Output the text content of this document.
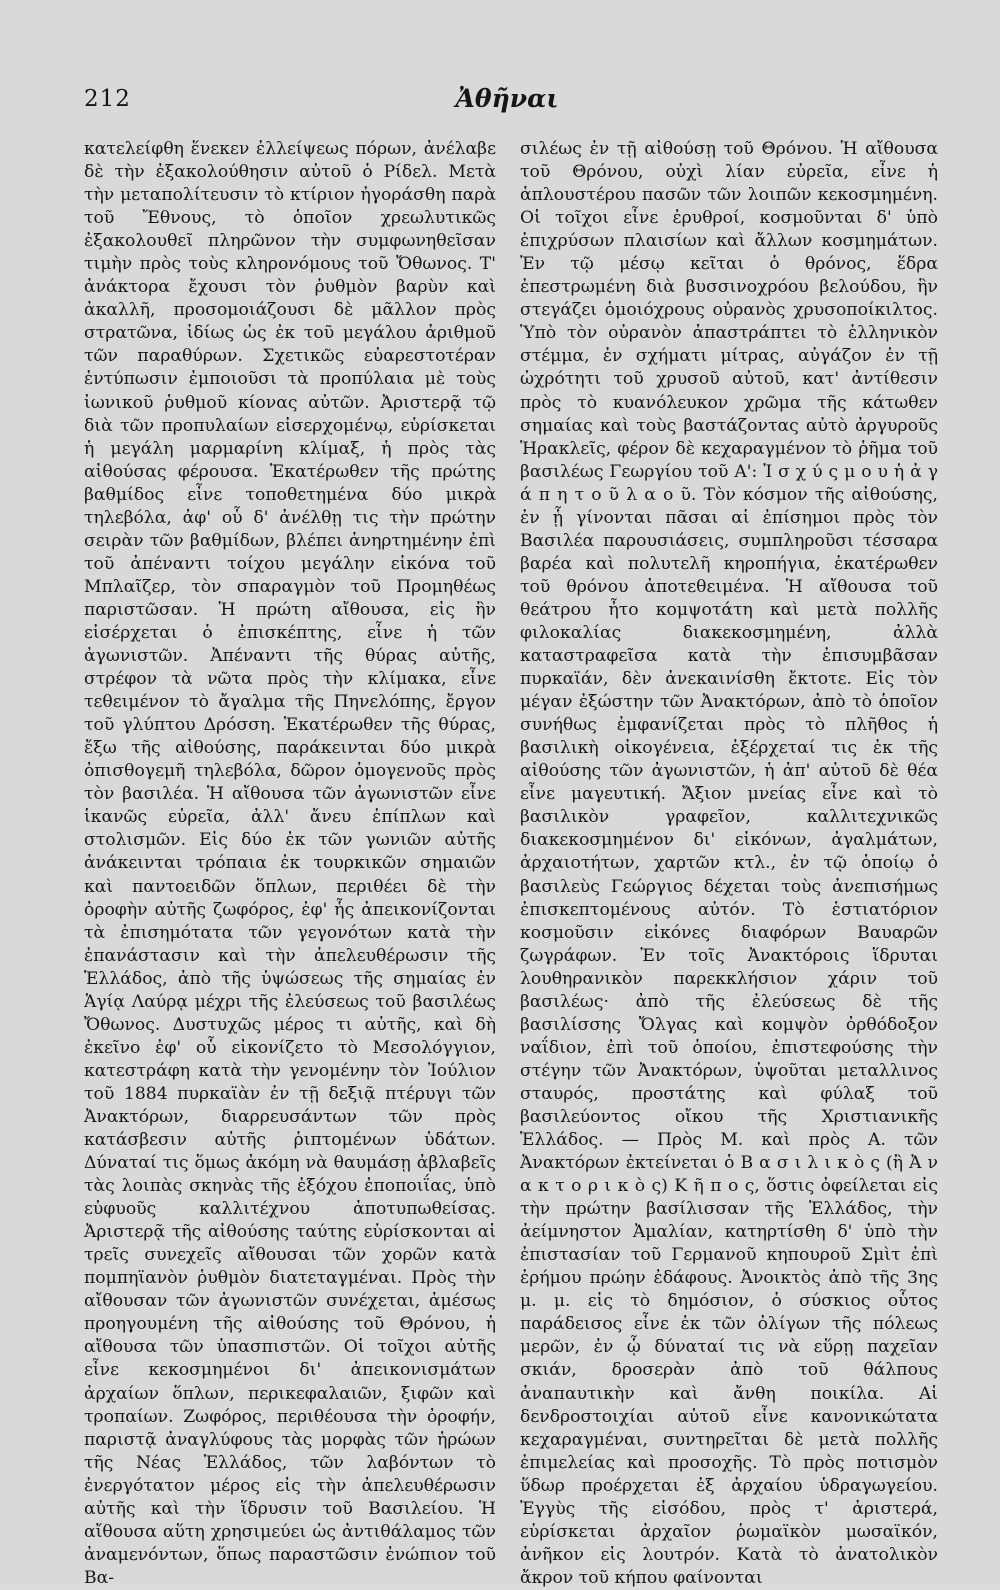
212	Ἀθῆναι

κατελείφθη ἕνεκεν ἐλλείψεως πόρων, ἀνέλαβε δὲ τὴν ἐξακολούθησιν αὐτοῦ ὁ Ρίδελ. Μετὰ τὴν μεταπολίτευσιν τὸ κτίριον ἠγοράσθη παρὰ τοῦ Ἔθνους, τὸ ὁποῖον χρεωλυτικῶς ἐξακολουθεῖ πληρῶνον τὴν συμφωνηθεῖσαν τιμὴν πρὸς τοὺς κληρονόμους τοῦ Ὄθωνος. Τ' ἀνάκτορα ἔχουσι τὸν ῥυθμὸν βαρὺν καὶ ἀκαλλῆ, προσομοιάζουσι δὲ μᾶλλον πρὸς στρατῶνα, ἰδίως ὡς ἐκ τοῦ μεγάλου ἀριθμοῦ τῶν παραθύρων. Σχετικῶς εὐαρεστοτέραν ἐντύπωσιν ἐμποιοῦσι τὰ προπύλαια μὲ τοὺς ἰωνικοῦ ῥυθμοῦ κίονας αὐτῶν. Ἀριστερᾷ τῷ διὰ τῶν προπυλαίων εἰσερχομένῳ, εὑρίσκεται ἡ μεγάλη μαρμαρίνη κλίμαξ, ἡ πρὸς τὰς αἰθούσας φέρουσα. Ἑκατέρωθεν τῆς πρώτης βαθμίδος εἶνε τοποθετημένα δύο μικρὰ τηλεβόλα, ἀφ' οὗ δ' ἀνέλθῃ τις τὴν πρώτην σειρὰν τῶν βαθμίδων, βλέπει ἀνηρτημένην ἐπὶ τοῦ ἀπέναντι τοίχου μεγάλην εἰκόνα τοῦ Μπλαῖζερ, τὸν σπαραγμὸν τοῦ Προμηθέως παριστῶσαν. Ἡ πρώτη αἴθουσα, εἰς ἣν εἰσέρχεται ὁ ἐπισκέπτης, εἶνε ἡ τῶν ἀγωνιστῶν. Ἀπέναντι τῆς θύρας αὐτῆς, στρέφον τὰ νῶτα πρὸς τὴν κλίμακα, εἶνε τεθειμένον τὸ ἄγαλμα τῆς Πηνελόπης, ἔργον τοῦ γλύπτου Δρόσση. Ἑκατέρωθεν τῆς θύρας, ἔξω τῆς αἰθούσης, παράκεινται δύο μικρὰ ὀπισθογεμῆ τηλεβόλα, δῶρον ὁμογενοῦς πρὸς τὸν βασιλέα. Ἡ αἴθουσα τῶν ἀγωνιστῶν εἶνε ἱκανῶς εὐρεῖα, ἀλλ' ἄνευ ἐπίπλων καὶ στολισμῶν. Εἰς δύο ἐκ τῶν γωνιῶν αὐτῆς ἀνάκεινται τρόπαια ἐκ τουρκικῶν σημαιῶν καὶ παντοειδῶν ὅπλων, περιθέει δὲ τὴν ὀροφὴν αὐτῆς ζωφόρος, ἐφ' ἧς ἀπεικονίζονται τὰ ἐπισημότατα τῶν γεγονότων κατὰ τὴν ἐπανάστασιν καὶ τὴν ἀπελευθέρωσιν τῆς Ἑλλάδος, ἀπὸ τῆς ὑψώσεως τῆς σημαίας ἐν Ἁγίᾳ Λαύρᾳ μέχρι τῆς ἐλεύσεως τοῦ βασιλέως Ὄθωνος. Δυστυχῶς μέρος τι αὐτῆς, καὶ δὴ ἐκεῖνο ἐφ' οὗ εἰκονίζετο τὸ Μεσολόγγιον, κατεστράφη κατὰ τὴν γενομένην τὸν Ἰούλιον τοῦ 1884 πυρκαϊὰν ἐν τῇ δεξιᾷ πτέρυγι τῶν Ἀνακτόρων, διαρρευσάντων τῶν πρὸς κατάσβεσιν αὐτῆς ῥιπτομένων ὑδάτων. Δύναταί τις ὅμως ἀκόμη νὰ θαυμάσῃ ἀβλαβεῖς τὰς λοιπὰς σκηνὰς τῆς ἐξόχου ἐποποιΐας, ὑπὸ εὐφυοῦς καλλιτέχνου ἀποτυπωθείσας. Ἀριστερᾷ τῆς αἰθούσης ταύτης εὑρίσκονται αἱ τρεῖς συνεχεῖς αἴθουσαι τῶν χορῶν κατὰ πομπηϊανὸν ῥυθμὸν διατεταγμέναι. Πρὸς τὴν αἴθουσαν τῶν ἀγωνιστῶν συνέχεται, ἀμέσως προηγουμένη τῆς αἰθούσης τοῦ Θρόνου, ἡ αἴθουσα τῶν ὑπασπιστῶν. Οἱ τοῖχοι αὐτῆς εἶνε κεκοσμημένοι δι' ἀπεικονισμάτων ἀρχαίων ὅπλων, περικεφαλαιῶν, ξιφῶν καὶ τροπαίων. Ζωφόρος, περιθέουσα τὴν ὀροφήν, παριστᾷ ἀναγλύφους τὰς μορφὰς τῶν ἡρώων τῆς Νέας Ἑλλάδος, τῶν λαβόντων τὸ ἐνεργότατον μέρος εἰς τὴν ἀπελευθέρωσιν αὐτῆς καὶ τὴν ἵδρυσιν τοῦ Βασιλείου. Ἡ αἴθουσα αὕτη χρησιμεύει ὡς ἀντιθάλαμος τῶν ἀναμενόντων, ὅπως παραστῶσιν ἐνώπιον τοῦ Βα-

σιλέως ἐν τῇ αἰθούσῃ τοῦ Θρόνου. Ἡ αἴθουσα τοῦ Θρόνου, οὐχὶ λίαν εὐρεῖα, εἶνε ἡ ἁπλουστέρου πασῶν τῶν λοιπῶν κεκοσμημένη. Οἱ τοῖχοι εἶνε ἐρυθροί, κοσμοῦνται δ' ὑπὸ ἐπιχρύσων πλαισίων καὶ ἄλλων κοσμημάτων. Ἐν τῷ μέσῳ κεῖται ὁ θρόνος, ἕδρα ἐπεστρωμένη διὰ βυσσινοχρόου βελούδου, ἣν στεγάζει ὁμοιόχρους οὐρανὸς χρυσοποίκιλτος. Ὑπὸ τὸν οὐρανὸν ἀπαστράπτει τὸ ἑλληνικὸν στέμμα, ἐν σχήματι μίτρας, αὐγάζον ἐν τῇ ὠχρότητι τοῦ χρυσοῦ αὐτοῦ, κατ' ἀντίθεσιν πρὸς τὸ κυανόλευκον χρῶμα τῆς κάτωθεν σημαίας καὶ τοὺς βαστάζοντας αὐτὸ ἀργυροῦς Ἡρακλεῖς, φέρον δὲ κεχαραγμένον τὸ ῥῆμα τοῦ βασιλέως Γεωργίου τοῦ Α': Ἰ σ χ ύ ς μ ο υ ἡ ἀ γ ά π η τ ο ῦ λ α ο ῦ. Τὸν κόσμον τῆς αἰθούσης, ἐν ᾗ γίνονται πᾶσαι αἱ ἐπίσημοι πρὸς τὸν Βασιλέα παρουσιάσεις, συμπληροῦσι τέσσαρα βαρέα καὶ πολυτελῆ κηροπήγια, ἑκατέρωθεν τοῦ θρόνου ἀποτεθειμένα. Ἡ αἴθουσα τοῦ θεάτρου ἦτο κομψοτάτη καὶ μετὰ πολλῆς φιλοκαλίας διακεκοσμημένη, ἀλλὰ καταστραφεῖσα κατὰ τὴν ἐπισυμβᾶσαν πυρκαϊάν, δὲν ἀνεκαινίσθη ἔκτοτε. Εἰς τὸν μέγαν ἐξώστην τῶν Ἀνακτόρων, ἀπὸ τὸ ὁποῖον συνήθως ἐμφανίζεται πρὸς τὸ πλῆθος ἡ βασιλικὴ οἰκογένεια, ἐξέρχεταί τις ἐκ τῆς αἰθούσης τῶν ἀγωνιστῶν, ἡ ἀπ' αὐτοῦ δὲ θέα εἶνε μαγευτική. Ἄξιον μνείας εἶνε καὶ τὸ βασιλικὸν γραφεῖον, καλλιτεχνικῶς διακεκοσμημένον δι' εἰκόνων, ἀγαλμάτων, ἀρχαιοτήτων, χαρτῶν κτλ., ἐν τῷ ὁποίῳ ὁ βασιλεὺς Γεώργιος δέχεται τοὺς ἀνεπισήμως ἐπισκεπτομένους αὐτόν. Τὸ ἑστιατόριον κοσμοῦσιν εἰκόνες διαφόρων Βαυαρῶν ζωγράφων. Ἐν τοῖς Ἀνακτόροις ἵδρυται λουθηρανικὸν παρεκκλήσιον χάριν τοῦ βασιλέως· ἀπὸ τῆς ἐλεύσεως δὲ τῆς βασιλίσσης Ὄλγας καὶ κομψὸν ὀρθόδοξον ναΐδιον, ἐπὶ τοῦ ὁποίου, ἐπιστεφούσης τὴν στέγην τῶν Ἀνακτόρων, ὑψοῦται μεταλλινος σταυρός, προστάτης καὶ φύλαξ τοῦ βασιλεύοντος οἴκου τῆς Χριστιανικῆς Ἑλλάδος. — Πρὸς Μ. καὶ πρὸς Α. τῶν Ἀνακτόρων ἐκτείνεται ὁ Β α σ ι λ ι κ ὸ ς (ἢ Ἀ ν α κ τ ο ρ ι κ ὸ ς) Κ ῆ π ο ς, ὅστις ὀφείλεται εἰς τὴν πρώτην βασίλισσαν τῆς Ἑλλάδος, τὴν ἀείμνηστον Ἀμαλίαν, κατηρτίσθη δ' ὑπὸ τὴν ἐπιστασίαν τοῦ Γερμανοῦ κηπουροῦ Σμὶτ ἐπὶ ἐρήμου πρώην ἐδάφους. Ἀνοικτὸς ἀπὸ τῆς 3ης μ. μ. εἰς τὸ δημόσιον, ὁ σύσκιος οὗτος παράδεισος εἶνε ἐκ τῶν ὀλίγων τῆς πόλεως μερῶν, ἐν ᾧ δύναταί τις νὰ εὕρῃ παχεῖαν σκιάν, δροσερὰν ἀπὸ τοῦ θάλπους ἀναπαυτικὴν καὶ ἄνθη ποικίλα. Αἱ δενδροστοιχίαι αὐτοῦ εἶνε κανονικώτατα κεχαραγμέναι, συντηρεῖται δὲ μετὰ πολλῆς ἐπιμελείας καὶ προσοχῆς. Τὸ πρὸς ποτισμὸν ὕδωρ προέρχεται ἐξ ἀρχαίου ὑδραγωγείου. Ἐγγὺς τῆς εἰσόδου, πρὸς τ' ἀριστερά, εὑρίσκεται ἀρχαῖον ῥωμαϊκὸν μωσαϊκόν, ἀνῆκον εἰς λουτρόν. Κατὰ τὸ ἀνατολικὸν ἄκρον τοῦ κήπου φαίνονται
